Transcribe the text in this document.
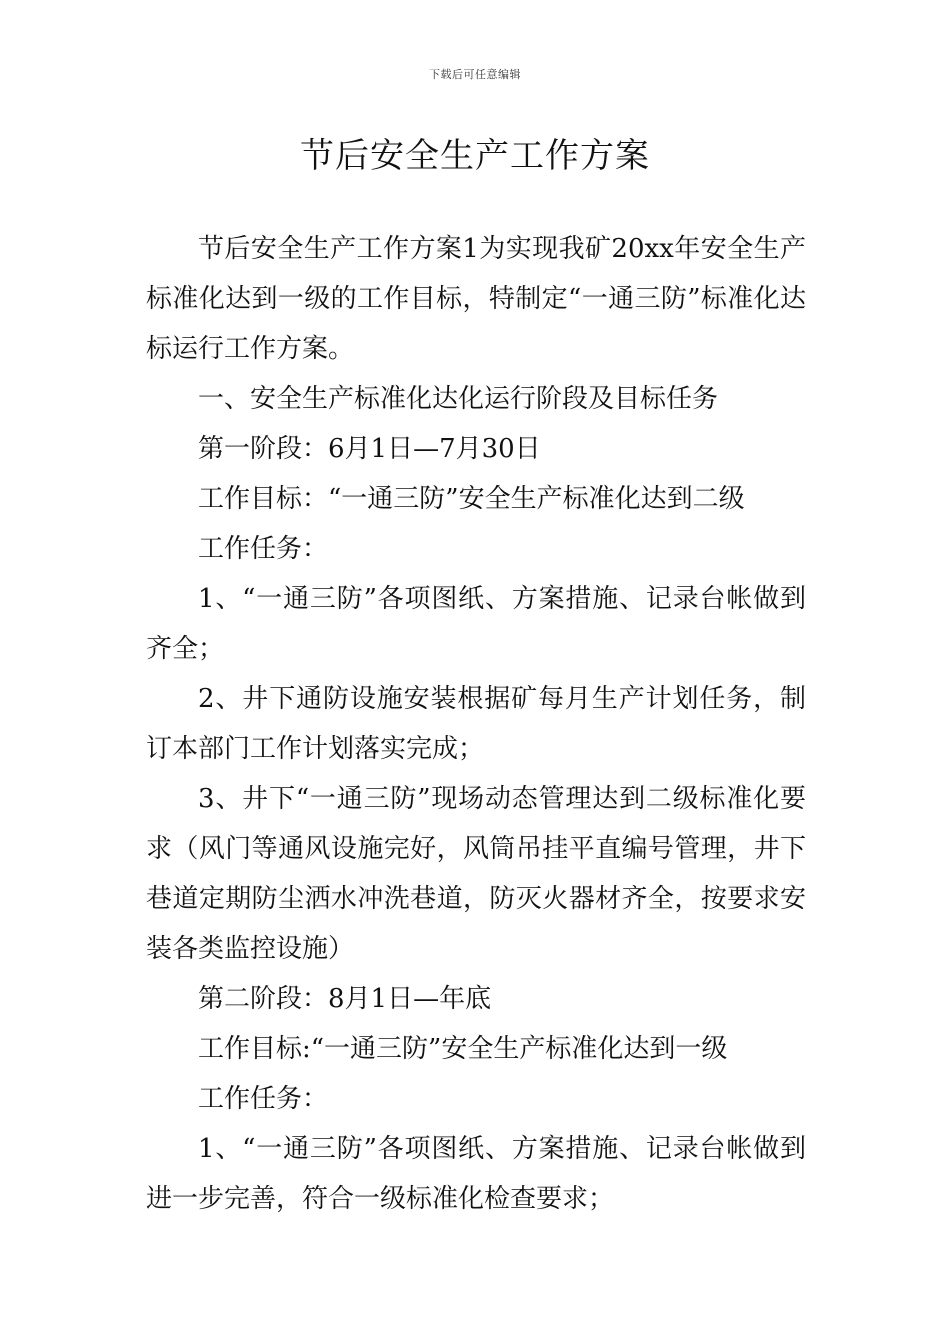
下载后可任意编辑
节后安全生产工作方案

节后安全生产工作方案1为实现我矿20xx年安全生产标准化达到一级的工作目标，特制定“一通三防”标准化达标运行工作方案。

一、安全生产标准化达化运行阶段及目标任务

第一阶段：6月1日—7月30日

工作目标：“一通三防”安全生产标准化达到二级

工作任务：

1、“一通三防”各项图纸、方案措施、记录台帐做到齐全；

2、井下通防设施安装根据矿每月生产计划任务，制订本部门工作计划落实完成；

3、井下“一通三防”现场动态管理达到二级标准化要求（风门等通风设施完好，风筒吊挂平直编号管理，井下巷道定期防尘洒水冲洗巷道，防灭火器材齐全，按要求安装各类监控设施）

第二阶段：8月1日—年底

工作目标:“一通三防”安全生产标准化达到一级

工作任务：

1、“一通三防”各项图纸、方案措施、记录台帐做到进一步完善，符合一级标准化检查要求；
